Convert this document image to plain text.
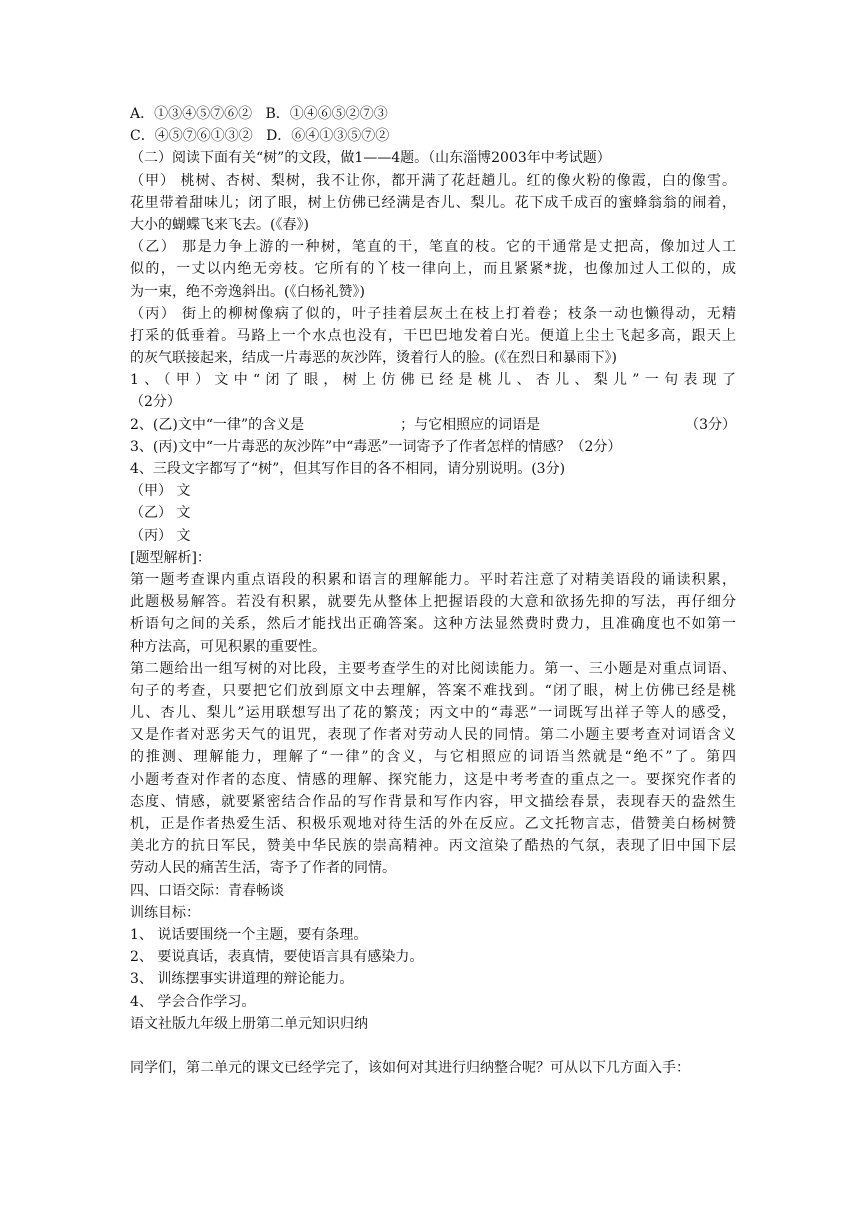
A．①③④⑤⑦⑥② B．①④⑥⑤②⑦③
C．④⑤⑦⑥①③② D．⑥④①③⑤⑦②
（二）阅读下面有关“树”的文段，做1——4题。（山东淄博2003年中考试题）
（甲） 桃树、杏树、梨树，我不让你，都开满了花赶趟儿。红的像火粉的像霞，白的像雪。
花里带着甜味儿；闭了眼，树上仿佛已经满是杏儿、梨儿。花下成千成百的蜜蜂翁翁的闹着，
大小的蝴蝶飞来飞去。(《春》)
（乙） 那是力争上游的一种树，笔直的干，笔直的枝。它的干通常是丈把高，像加过人工
似的，一丈以内绝无旁枝。它所有的丫枝一律向上，而且紧紧*拢，也像加过人工似的，成
为一束，绝不旁逸斜出。(《白杨礼赞》)
（丙） 街上的柳树像病了似的，叶子挂着层灰土在枝上打着卷；枝条一动也懒得动，无精
打采的低垂着。马路上一个水点也没有，干巴巴地发着白光。便道上尘土飞起多高，跟天上
的灰气联接起来，结成一片毒恶的灰沙阵，烫着行人的脸。(《在烈日和暴雨下》)
1、（甲）文中“闭了眼，树上仿佛已经是桃儿、杏儿、梨儿”一句表现了
（2分）
2、(乙)文中“一律”的含义是	；与它相照应的词语是	（3分）
3、(丙)文中“一片毒恶的灰沙阵”中“毒恶”一词寄予了作者怎样的情感？（2分）
4、三段文字都写了“树”，但其写作目的各不相同，请分别说明。(3分)
（甲） 文
（乙） 文
（丙） 文
[题型解析]：
第一题考查课内重点语段的积累和语言的理解能力。平时若注意了对精美语段的诵读积累，
此题极易解答。若没有积累，就要先从整体上把握语段的大意和欲扬先抑的写法，再仔细分
析语句之间的关系，然后才能找出正确答案。这种方法显然费时费力，且准确度也不如第一
种方法高，可见积累的重要性。
第二题给出一组写树的对比段，主要考查学生的对比阅读能力。第一、三小题是对重点词语、
句子的考查，只要把它们放到原文中去理解，答案不难找到。“闭了眼，树上仿佛已经是桃
儿、杏儿、梨儿”运用联想写出了花的繁茂；丙文中的“毒恶”一词既写出祥子等人的感受，
又是作者对恶劣天气的诅咒，表现了作者对劳动人民的同情。第二小题主要考查对词语含义
的推测、理解能力，理解了“一律”的含义，与它相照应的词语当然就是“绝不”了。第四
小题考查对作者的态度、情感的理解、探究能力，这是中考考查的重点之一。要探究作者的
态度、情感，就要紧密结合作品的写作背景和写作内容，甲文描绘春景，表现春天的盎然生
机，正是作者热爱生活、积极乐观地对待生活的外在反应。乙文托物言志，借赞美白杨树赞
美北方的抗日军民，赞美中华民族的崇高精神。丙文渲染了酷热的气氛，表现了旧中国下层
劳动人民的痛苦生活，寄予了作者的同情。
四、口语交际：青春畅谈
训练目标：
1、 说话要围绕一个主题，要有条理。
2、 要说真话，表真情，要使语言具有感染力。
3、 训练摆事实讲道理的辩论能力。
4、 学会合作学习。
语文社版九年级上册第二单元知识归纳
同学们，第二单元的课文已经学完了，该如何对其进行归纳整合呢？可从以下几方面入手：
